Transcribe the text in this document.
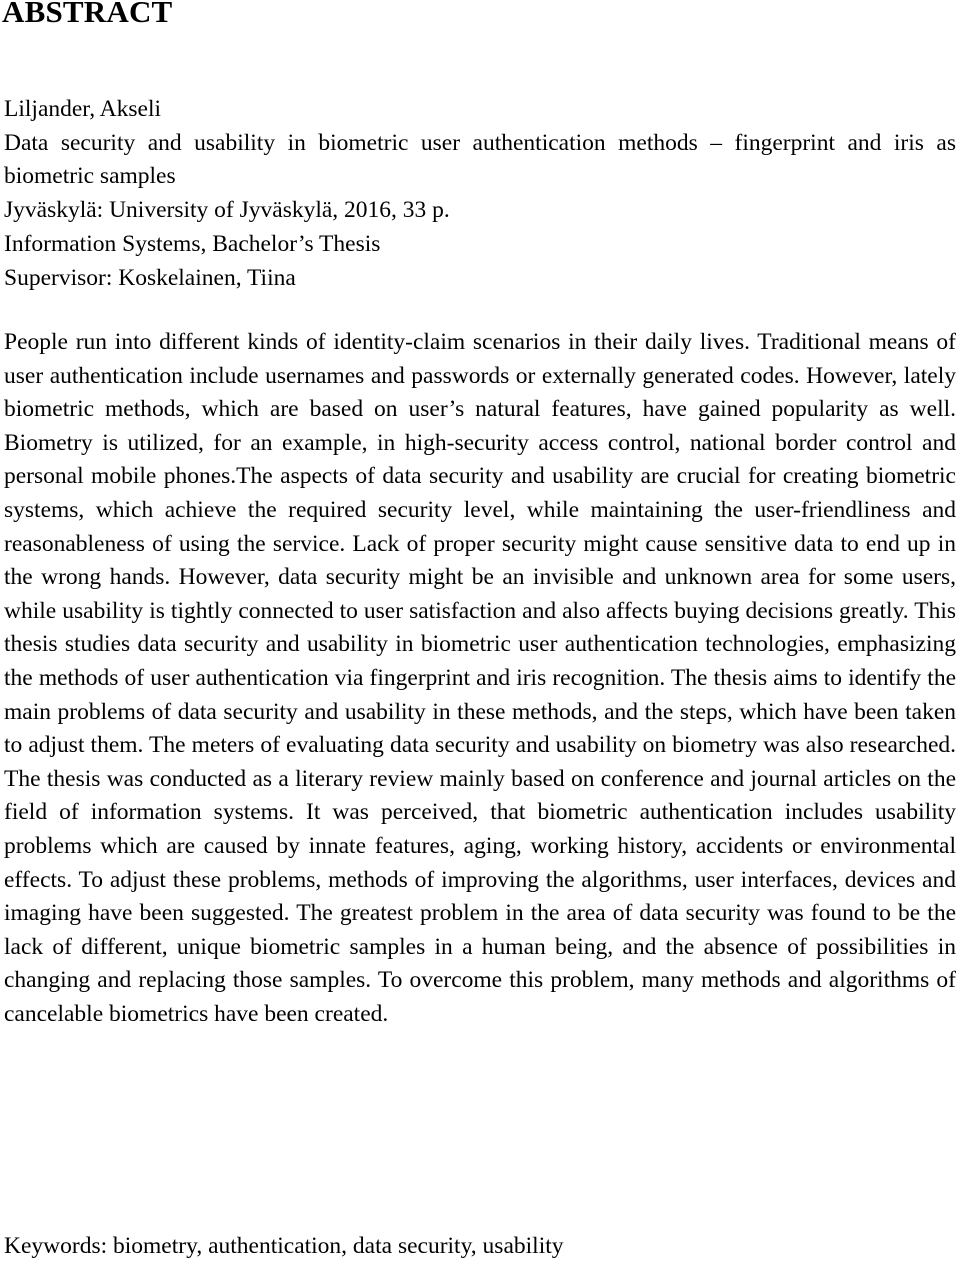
ABSTRACT
Liljander, Akseli
Data security and usability in biometric user authentication methods – fingerprint and iris as biometric samples
Jyväskylä: University of Jyväskylä, 2016, 33 p.
Information Systems, Bachelor’s Thesis
Supervisor: Koskelainen, Tiina

People run into different kinds of identity-claim scenarios in their daily lives. Traditional means of user authentication include usernames and passwords or externally generated codes. However, lately biometric methods, which are based on user’s natural features, have gained popularity as well. Biometry is utilized, for an example, in high-security access control, national border control and personal mobile phones.The aspects of data security and usability are crucial for creating biometric systems, which achieve the required security level, while maintaining the user-friendliness and reasonableness of using the service. Lack of proper security might cause sensitive data to end up in the wrong hands. However, data security might be an invisible and unknown area for some users, while usability is tightly connected to user satisfaction and also affects buying decisions greatly. This thesis studies data security and usability in biometric user authentication technologies, emphasizing the methods of user authentication via fingerprint and iris recognition. The thesis aims to identify the main problems of data security and usability in these methods, and the steps, which have been taken to adjust them. The meters of evaluating data security and usability on biometry was also researched. The thesis was conducted as a literary review mainly based on conference and journal articles on the field of information systems. It was perceived, that biometric authentication includes usability problems which are caused by innate features, aging, working history, accidents or environmental effects. To adjust these problems, methods of improving the algorithms, user interfaces, devices and imaging have been suggested. The greatest problem in the area of data security was found to be the lack of different, unique biometric samples in a human being, and the absence of possibilities in changing and replacing those samples. To overcome this problem, many methods and algorithms of cancelable biometrics have been created.

Keywords: biometry, authentication, data security, usability
